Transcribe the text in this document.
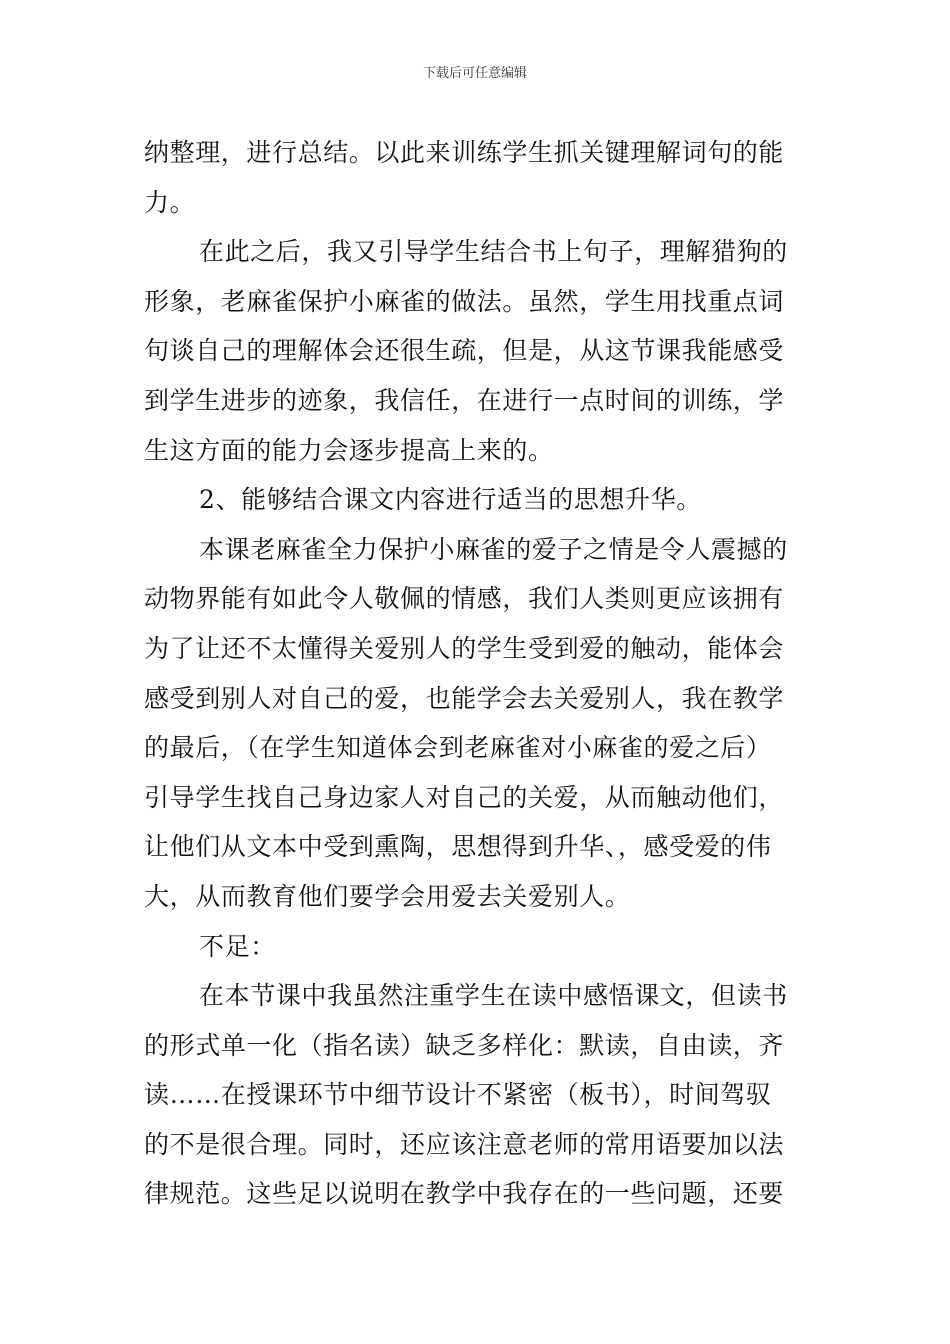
下载后可任意编辑
纳整理，进行总结。以此来训练学生抓关键理解词句的能
力。
在此之后，我又引导学生结合书上句子，理解猎狗的
形象，老麻雀保护小麻雀的做法。虽然，学生用找重点词
句谈自己的理解体会还很生疏，但是，从这节课我能感受
到学生进步的迹象，我信任，在进行一点时间的训练，学
生这方面的能力会逐步提高上来的。
2、能够结合课文内容进行适当的思想升华。
本课老麻雀全力保护小麻雀的爱子之情是令人震撼的
动物界能有如此令人敬佩的情感，我们人类则更应该拥有
为了让还不太懂得关爱别人的学生受到爱的触动，能体会
感受到别人对自己的爱，也能学会去关爱别人，我在教学
的最后，（在学生知道体会到老麻雀对小麻雀的爱之后）
引导学生找自己身边家人对自己的关爱，从而触动他们，
让他们从文本中受到熏陶，思想得到升华、，感受爱的伟
大，从而教育他们要学会用爱去关爱别人。
不足：
在本节课中我虽然注重学生在读中感悟课文，但读书
的形式单一化（指名读）缺乏多样化：默读，自由读，齐
读……在授课环节中细节设计不紧密（板书），时间驾驭
的不是很合理。同时，还应该注意老师的常用语要加以法
律规范。这些足以说明在教学中我存在的一些问题，还要
